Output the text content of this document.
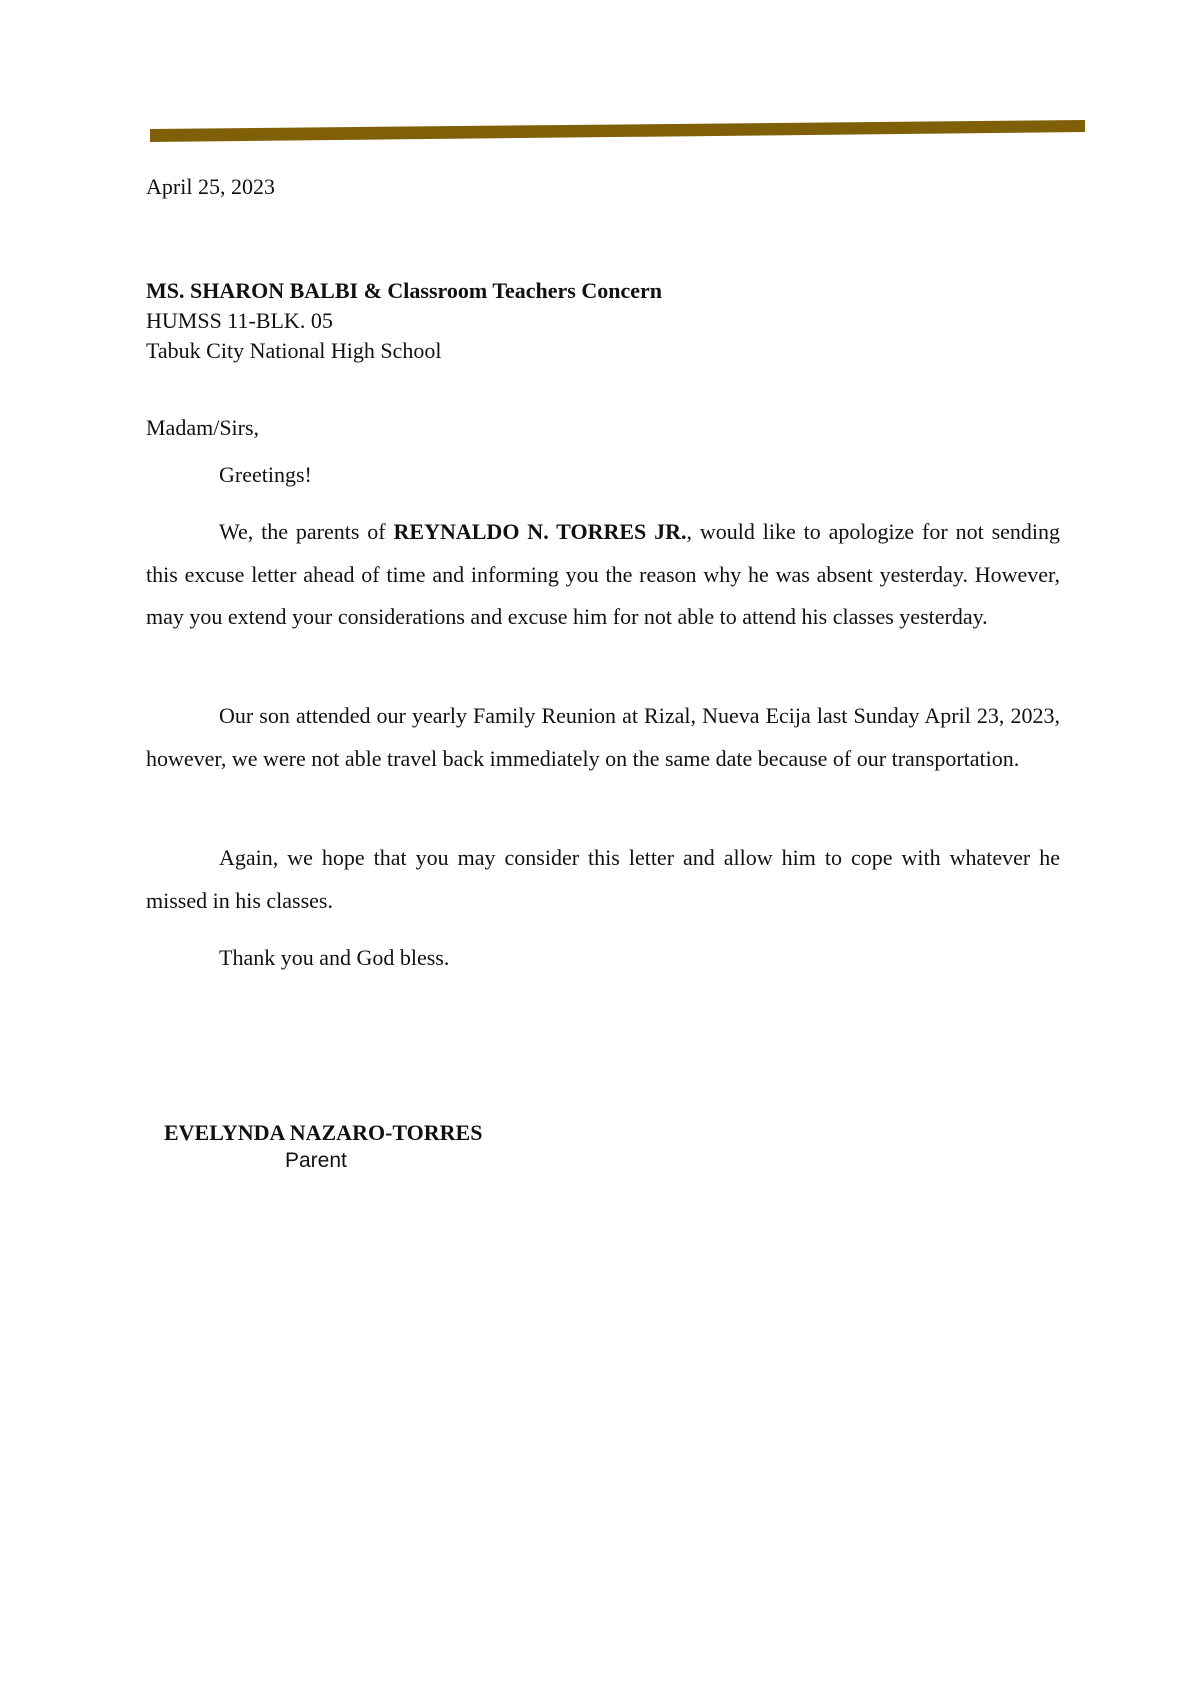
April 25, 2023
MS. SHARON BALBI & Classroom Teachers Concern
HUMSS 11-BLK. 05
Tabuk City National High School
Madam/Sirs,
Greetings!

We, the parents of REYNALDO N. TORRES JR., would like to apologize for not sending this excuse letter ahead of time and informing you the reason why he was absent yesterday. However, may you extend your considerations and excuse him for not able to attend his classes yesterday.

Our son attended our yearly Family Reunion at Rizal, Nueva Ecija last Sunday April 23, 2023, however, we were not able travel back immediately on the same date because of our transportation.

Again, we hope that you may consider this letter and allow him to cope with whatever he missed in his classes.

Thank you and God bless.

EVELYNDA NAZARO-TORRES
Parent
